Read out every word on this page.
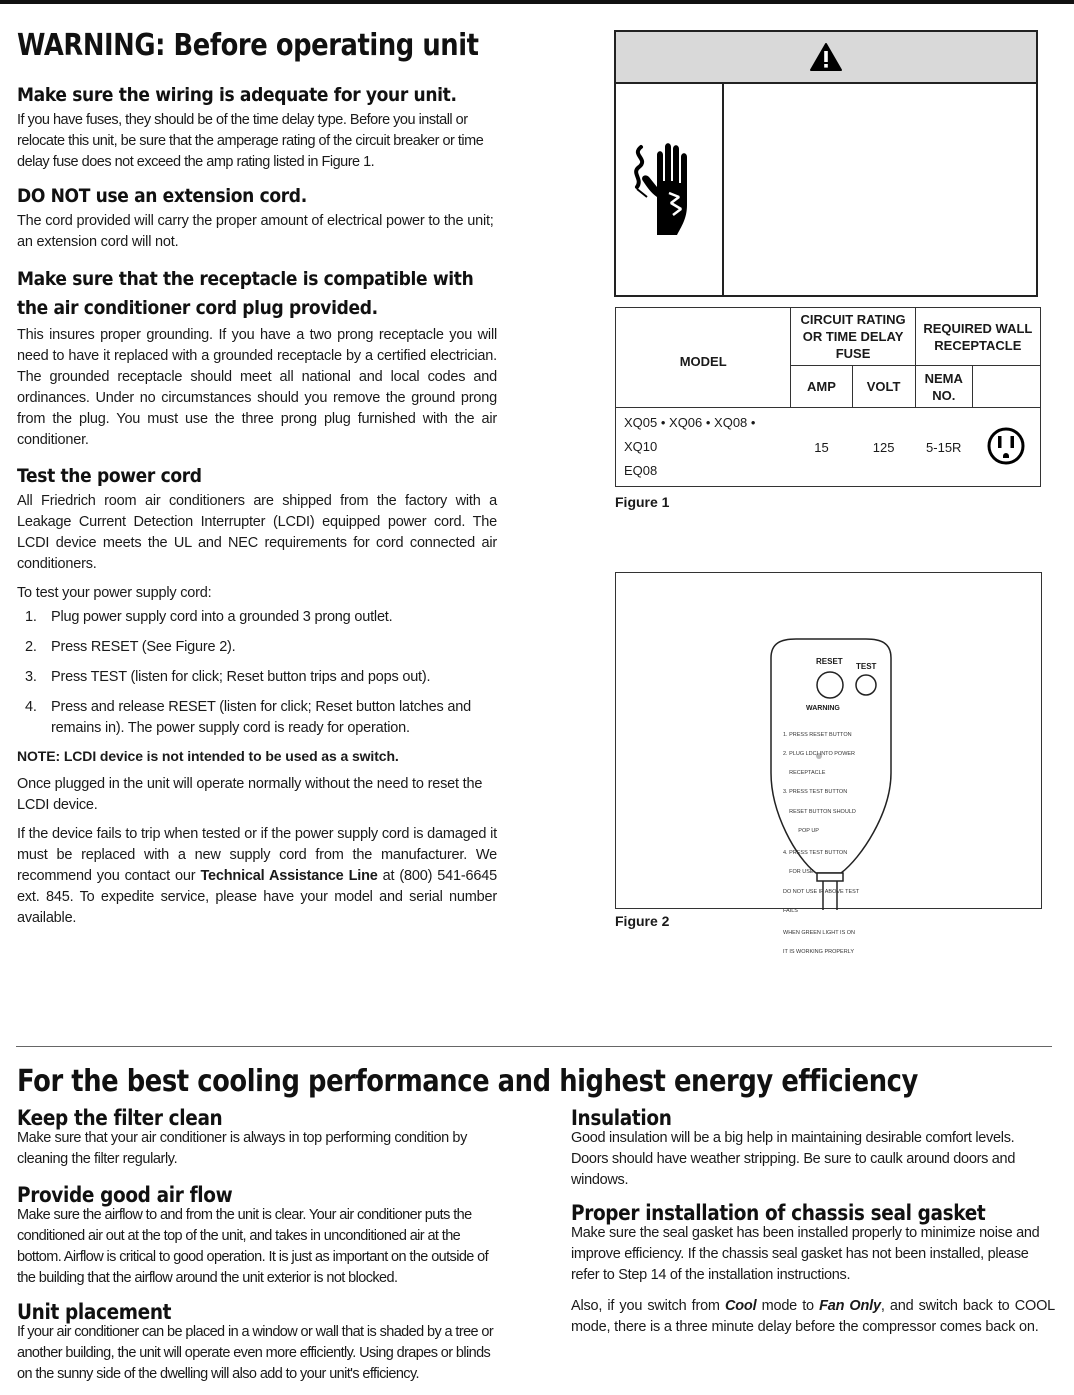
WARNING: Before operating unit
Make sure the wiring is adequate for your unit.

If you have fuses, they should be of the time delay type. Before you install or relocate this unit, be sure that the amperage rating of the circuit breaker or time delay fuse does not exceed the amp rating listed in Figure 1.

DO NOT use an extension cord.

The cord provided will carry the proper amount of electrical power to the unit; an extension cord will not.

Make sure that the receptacle is compatible with
the air conditioner cord plug provided.

This insures proper grounding. If you have a two prong receptacle you will need to have it replaced with a grounded receptacle by a certified electrician. The grounded receptacle should meet all national and local codes and ordinances. Under no circumstances should you remove the ground prong from the plug. You must use the three prong plug furnished with the air conditioner.

Test the power cord

All Friedrich room air conditioners are shipped from the factory with a Leakage Current Detection Interrupter (LCDI) equipped power cord. The LCDI device meets the UL and NEC requirements for cord connected air conditioners.

To test your power supply cord:

1. Plug power supply cord into a grounded 3 prong outlet.
2. Press RESET (See Figure 2).
3. Press TEST (listen for click; Reset button trips and pops out).
4. Press and release RESET (listen for click; Reset button latches and remains in). The power supply cord is ready for operation.

NOTE: LCDI device is not intended to be used as a switch.

Once plugged in the unit will operate normally without the need to reset the LCDI device.

If the device fails to trip when tested or if the power supply cord is damaged it must be replaced with a new supply cord from the manufacturer. We recommend you contact our Technical Assistance Line at (800) 541-6645 ext. 845. To expedite service, please have your model and serial number available.

MODEL	CIRCUIT RATING OR TIME DELAY FUSE		REQUIRED WALL RECEPTACLE	
	AMP	VOLT	NEMA NO.	

XQ05 • XQ06 • XQ08 • XQ10
EQ08	15	125	5-15R	
Figure 1
RESET
TEST
WARNING

1. PRESS RESET BUTTON

2. PLUG LDCI INTO POWER

RECEPTACLE

3. PRESS TEST BUTTON

RESET BUTTON SHOULD

POP UP

4. PRESS TEST BUTTON

FOR USE

DO NOT USE IF ABOVE TEST

FAILS

WHEN GREEN LIGHT IS ON

IT IS WORKING PROPERLY

Figure 2
For the best cooling performance and highest energy efficiency
Keep the filter clean

Make sure that your air conditioner is always in top performing condition by cleaning the filter regularly.

Provide good air flow

Make sure the airflow to and from the unit is clear. Your air conditioner puts the conditioned air out at the top of the unit, and takes in unconditioned air at the bottom. Airflow is critical to good operation. It is just as important on the outside of the building that the airflow around the unit exterior is not blocked.

Unit placement

If your air conditioner can be placed in a window or wall that is shaded by a tree or another building, the unit will operate even more efficiently. Using drapes or blinds on the sunny side of the dwelling will also add to your unit's efficiency.

Insulation

Good insulation will be a big help in maintaining desirable comfort levels. Doors should have weather stripping. Be sure to caulk around doors and windows.

Proper installation of chassis seal gasket

Make sure the seal gasket has been installed properly to minimize noise and improve efficiency. If the chassis seal gasket has not been installed, please refer to Step 14 of the installation instructions.

Also, if you switch from Cool mode to Fan Only, and switch back to COOL mode, there is a three minute delay before the compressor comes back on.
